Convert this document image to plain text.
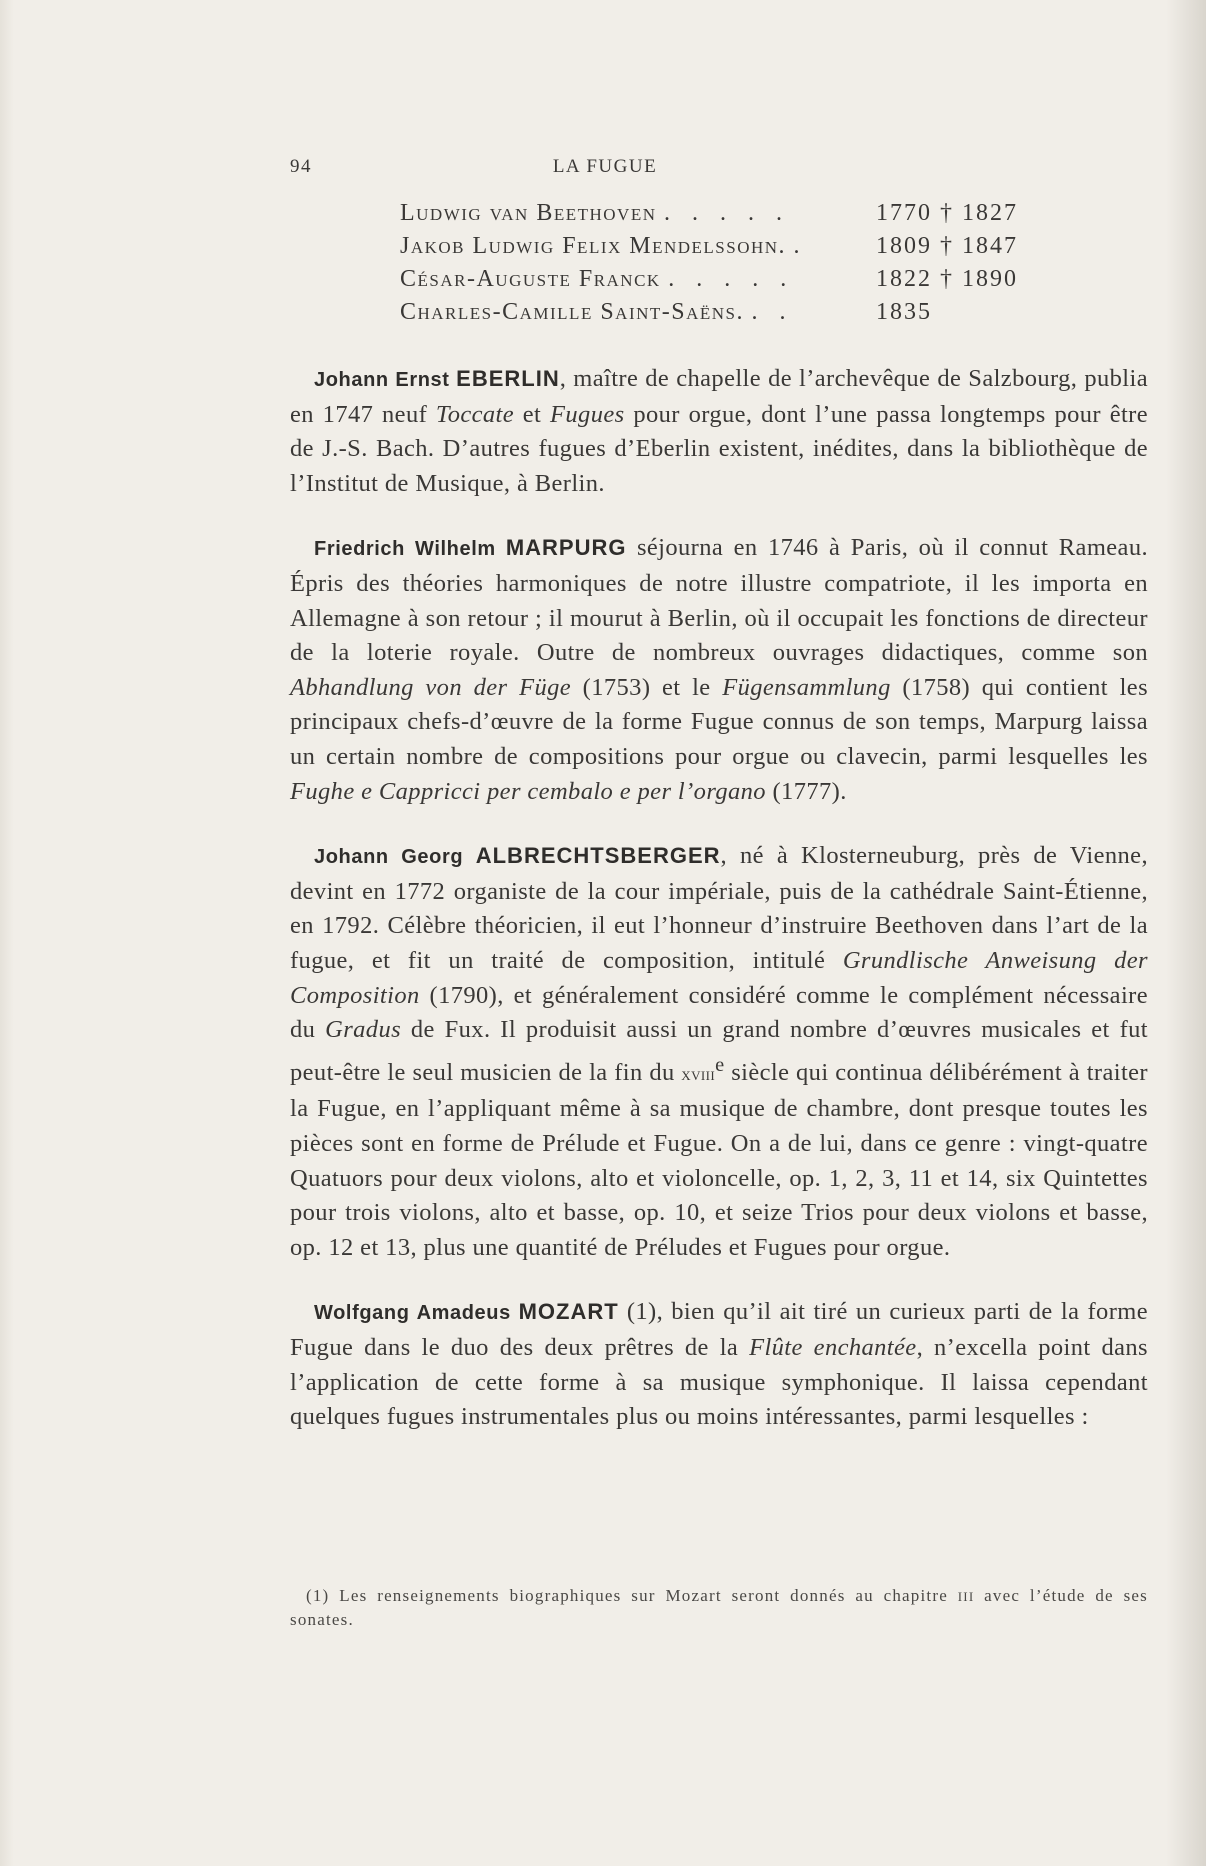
94	LA FUGUE
Ludwig van Beethoven . . . . .	1770 † 1827
Jakob Ludwig Felix Mendelssohn. .	1809 † 1847
César-Auguste Franck . . . . .	1822 † 1890
Charles-Camille Saint-Saëns. . .	1835

Johann Ernst EBERLIN, maître de chapelle de l’archevêque de Salzbourg, publia en 1747 neuf Toccate et Fugues pour orgue, dont l’une passa longtemps pour être de J.-S. Bach. D’autres fugues d’Eberlin existent, inédites, dans la bibliothèque de l’Institut de Musique, à Berlin.

Friedrich Wilhelm MARPURG séjourna en 1746 à Paris, où il connut Rameau. Épris des théories harmoniques de notre illustre compatriote, il les importa en Allemagne à son retour ; il mourut à Berlin, où il occupait les fonctions de directeur de la loterie royale. Outre de nombreux ouvrages didactiques, comme son Abhandlung von der Füge (1753) et le Fügensammlung (1758) qui contient les principaux chefs-d’œuvre de la forme Fugue connus de son temps, Marpurg laissa un certain nombre de compositions pour orgue ou clavecin, parmi lesquelles les Fughe e Cappricci per cembalo e per l’organo (1777).

Johann Georg ALBRECHTSBERGER, né à Klosterneuburg, près de Vienne, devint en 1772 organiste de la cour impériale, puis de la cathédrale Saint-Étienne, en 1792. Célèbre théoricien, il eut l’honneur d’instruire Beethoven dans l’art de la fugue, et fit un traité de composition, intitulé Grundlische Anweisung der Composition (1790), et généralement considéré comme le complément nécessaire du Gradus de Fux. Il produisit aussi un grand nombre d’œuvres musicales et fut peut-être le seul musicien de la fin du xviii$^e$ siècle qui continua délibérément à traiter la Fugue, en l’appliquant même à sa musique de chambre, dont presque toutes les pièces sont en forme de Prélude et Fugue. On a de lui, dans ce genre : vingt-quatre Quatuors pour deux violons, alto et violoncelle, op. 1, 2, 3, 11 et 14, six Quintettes pour trois violons, alto et basse, op. 10, et seize Trios pour deux violons et basse, op. 12 et 13, plus une quantité de Préludes et Fugues pour orgue.

Wolfgang Amadeus MOZART (1), bien qu’il ait tiré un curieux parti de la forme Fugue dans le duo des deux prêtres de la Flûte enchantée, n’excella point dans l’application de cette forme à sa musique symphonique. Il laissa cependant quelques fugues instrumentales plus ou moins intéressantes, parmi lesquelles :

(1) Les renseignements biographiques sur Mozart seront donnés au chapitre iii avec l’étude de ses sonates.
